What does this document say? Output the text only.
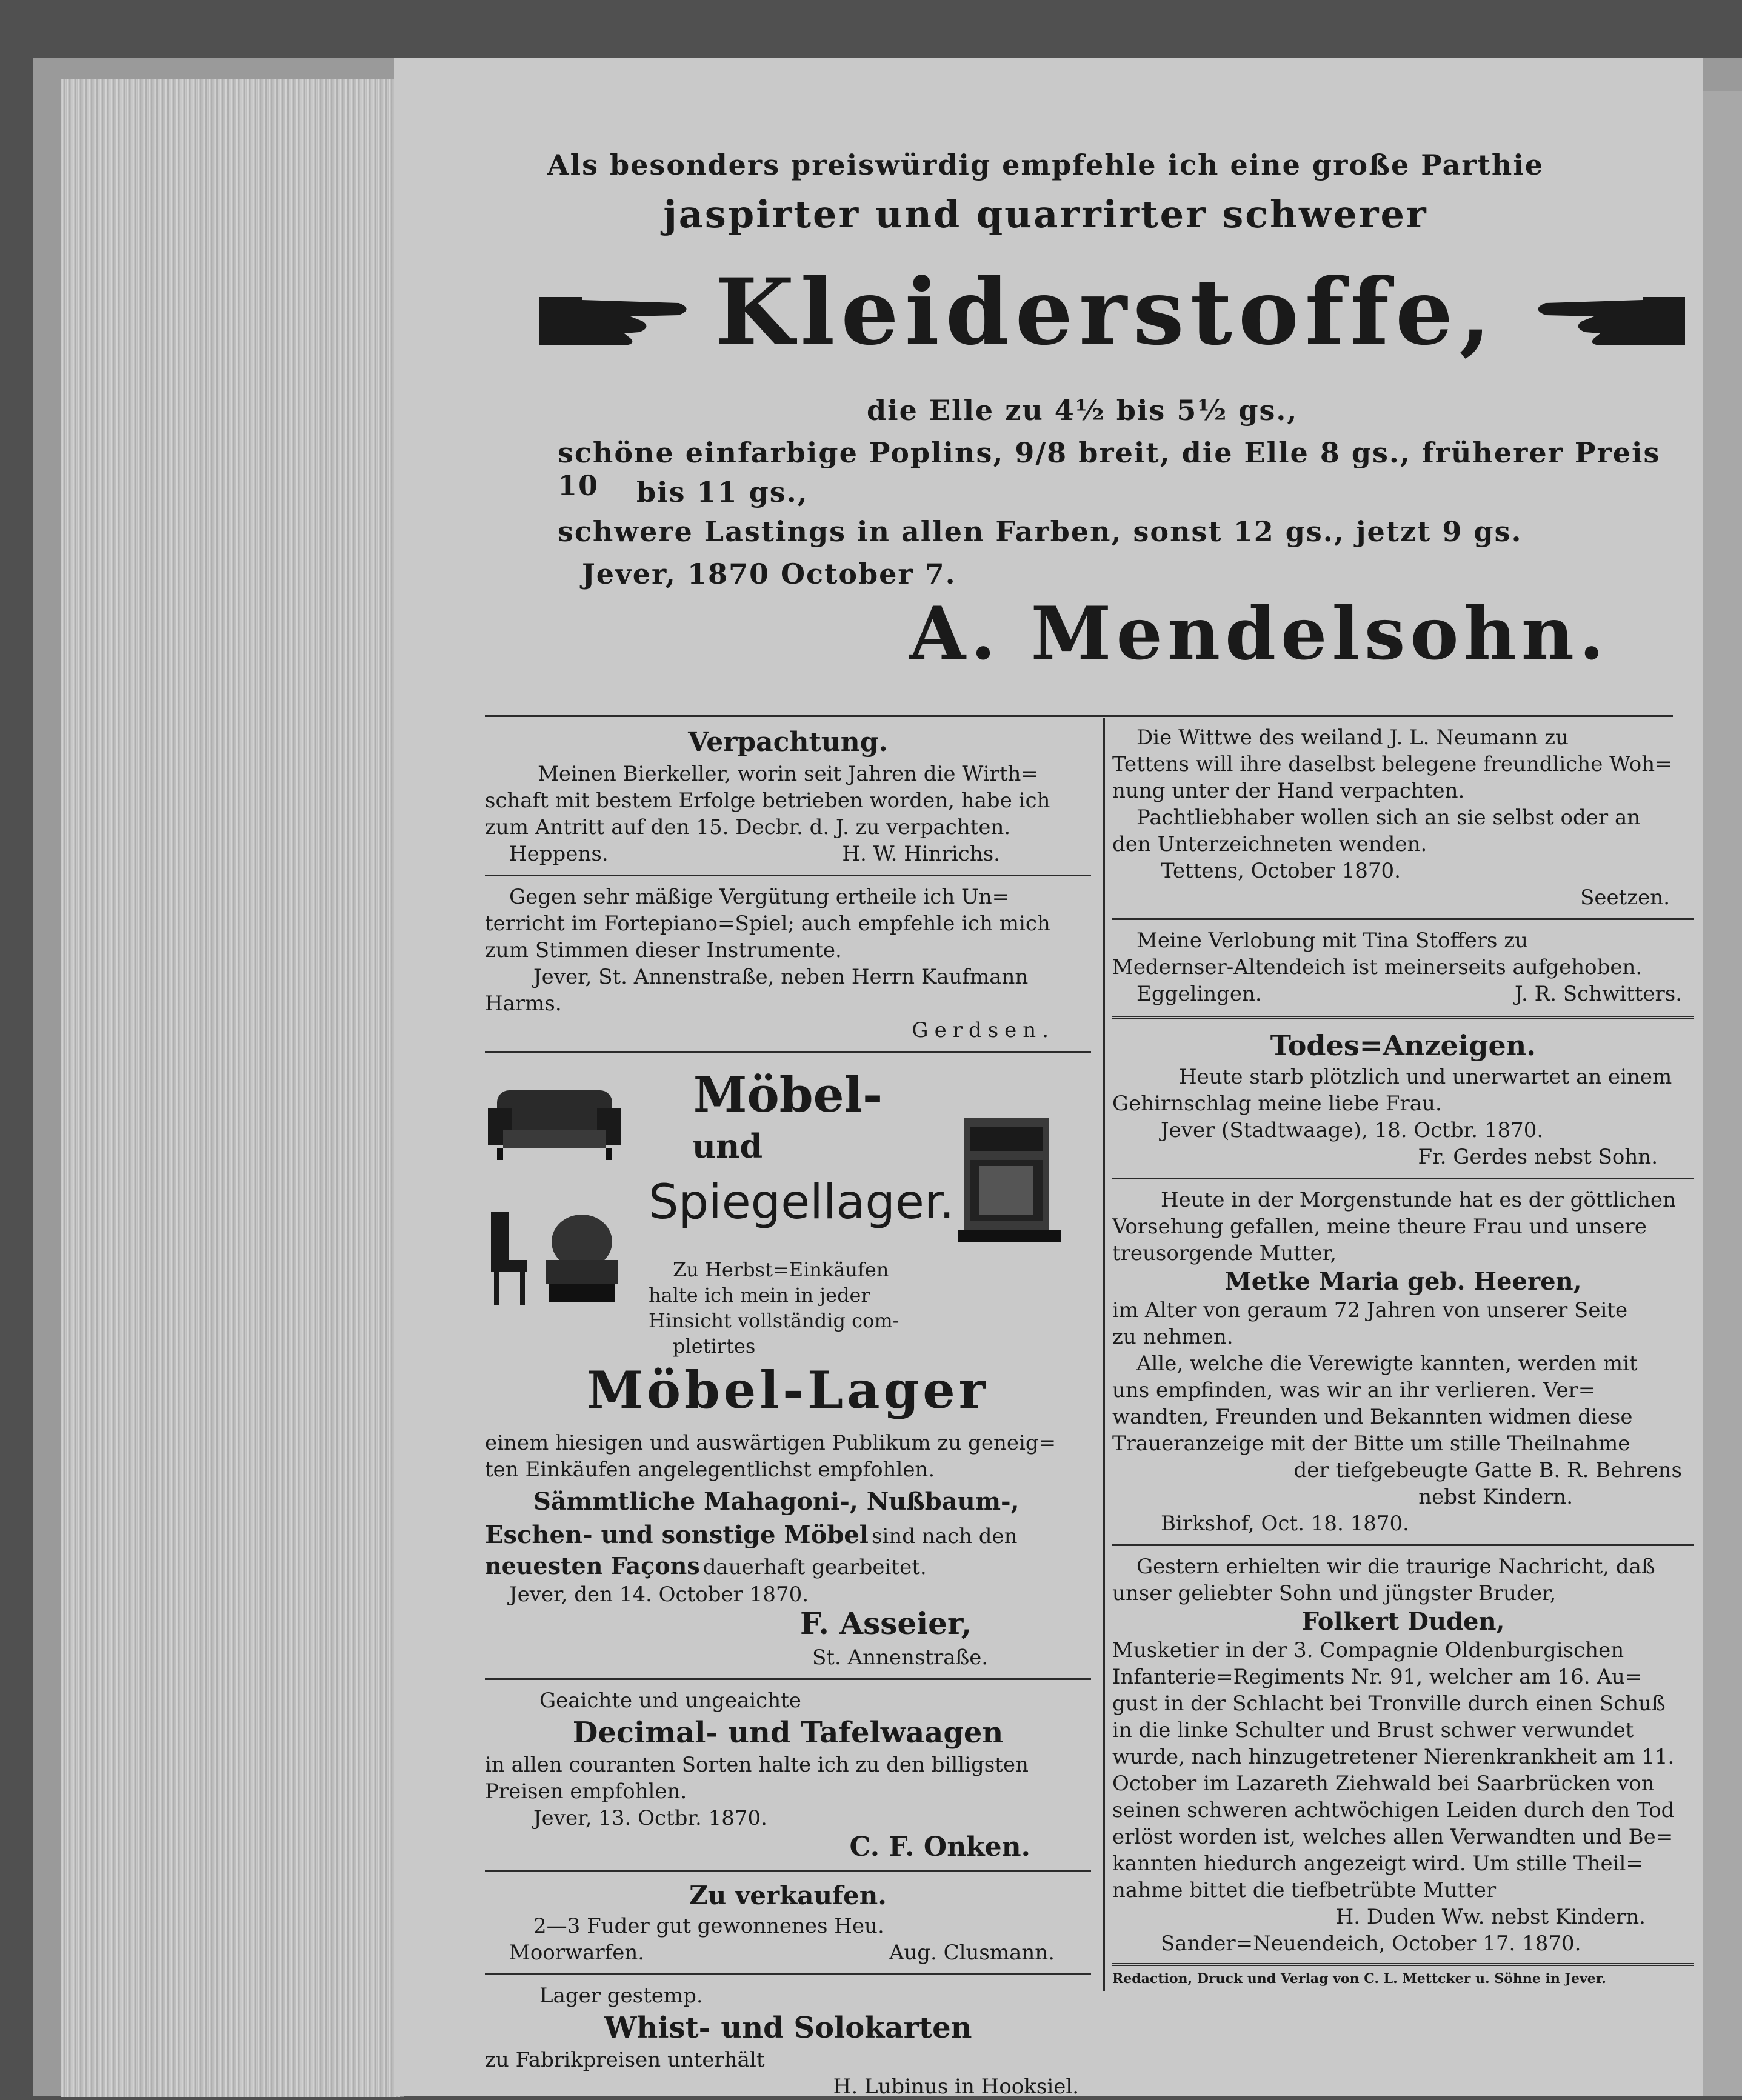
Als besonders preiswürdig empfehle ich eine große Parthie
jaspirter und quarrirter schwerer
Kleiderstoffe,
die Elle zu 4½ bis 5½ gs.,
schöne einfarbige Poplins, 9/8 breit, die Elle 8 gs., früherer Preis 10	bis 11 gs.,
schwere Lastings in allen Farben, sonst 12 gs., jetzt 9 gs.
Jever, 1870 October 7.
A. Mendelsohn.
Verpachtung.
Meinen Bierkeller, worin seit Jahren die Wirth=
schaft mit bestem Erfolge betrieben worden, habe ich
zum Antritt auf den 15. Decbr. d. J. zu verpachten.
Heppens.	H. W. Hinrichs.
Gegen sehr mäßige Vergütung ertheile ich Un=
terricht im Fortepiano=Spiel; auch empfehle ich mich
zum Stimmen dieser Instrumente.
Jever, St. Annenstraße, neben Herrn Kaufmann
Harms.
Gerdsen.
Möbel-
und
Spiegellager.
Zu Herbst=Einkäufen
halte ich mein in jeder
Hinsicht vollständig com-
pletirtes
Möbel-Lager
einem hiesigen und auswärtigen Publikum zu geneig=
ten Einkäufen angelegentlichst empfohlen.
Sämmtliche Mahagoni-, Nußbaum-,
Eschen- und sonstige Möbel sind nach den
neuesten Façons dauerhaft gearbeitet.
Jever, den 14. October 1870.
F. Asseier,
St. Annenstraße.
Geaichte und ungeaichte
Decimal- und Tafelwaagen
in allen couranten Sorten halte ich zu den billigsten
Preisen empfohlen.
Jever, 13. Octbr. 1870.
C. F. Onken.
Zu verkaufen.
2—3 Fuder gut gewonnenes Heu.
Moorwarfen.	Aug. Clusmann.
Lager gestemp.
Whist- und Solokarten
zu Fabrikpreisen unterhält
H. Lubinus in Hooksiel.
Die Wittwe des weiland J. L. Neumann zu
Tettens will ihre daselbst belegene freundliche Woh=
nung unter der Hand verpachten.
Pachtliebhaber wollen sich an sie selbst oder an
den Unterzeichneten wenden.
Tettens, October 1870.
Seetzen.
Meine Verlobung mit Tina Stoffers zu
Medernser-Altendeich ist meinerseits aufgehoben.
Eggelingen.	J. R. Schwitters.
Todes=Anzeigen.
Heute starb plötzlich und unerwartet an einem
Gehirnschlag meine liebe Frau.
Jever (Stadtwaage), 18. Octbr. 1870.
Fr. Gerdes nebst Sohn.
Heute in der Morgenstunde hat es der göttlichen
Vorsehung gefallen, meine theure Frau und unsere
treusorgende Mutter,
Metke Maria geb. Heeren,
im Alter von geraum 72 Jahren von unserer Seite
zu nehmen.
Alle, welche die Verewigte kannten, werden mit
uns empfinden, was wir an ihr verlieren. Ver=
wandten, Freunden und Bekannten widmen diese
Traueranzeige mit der Bitte um stille Theilnahme
der tiefgebeugte Gatte B. R. Behrens
nebst Kindern.
Birkshof, Oct. 18. 1870.
Gestern erhielten wir die traurige Nachricht, daß
unser geliebter Sohn und jüngster Bruder,
Folkert Duden,
Musketier in der 3. Compagnie Oldenburgischen
Infanterie=Regiments Nr. 91, welcher am 16. Au=
gust in der Schlacht bei Tronville durch einen Schuß
in die linke Schulter und Brust schwer verwundet
wurde, nach hinzugetretener Nierenkrankheit am 11.
October im Lazareth Ziehwald bei Saarbrücken von
seinen schweren achtwöchigen Leiden durch den Tod
erlöst worden ist, welches allen Verwandten und Be=
kannten hiedurch angezeigt wird. Um stille Theil=
nahme bittet die tiefbetrübte Mutter
H. Duden Ww. nebst Kindern.
Sander=Neuendeich, October 17. 1870.
Redaction, Druck und Verlag von C. L. Mettcker u. Söhne in Jever.
